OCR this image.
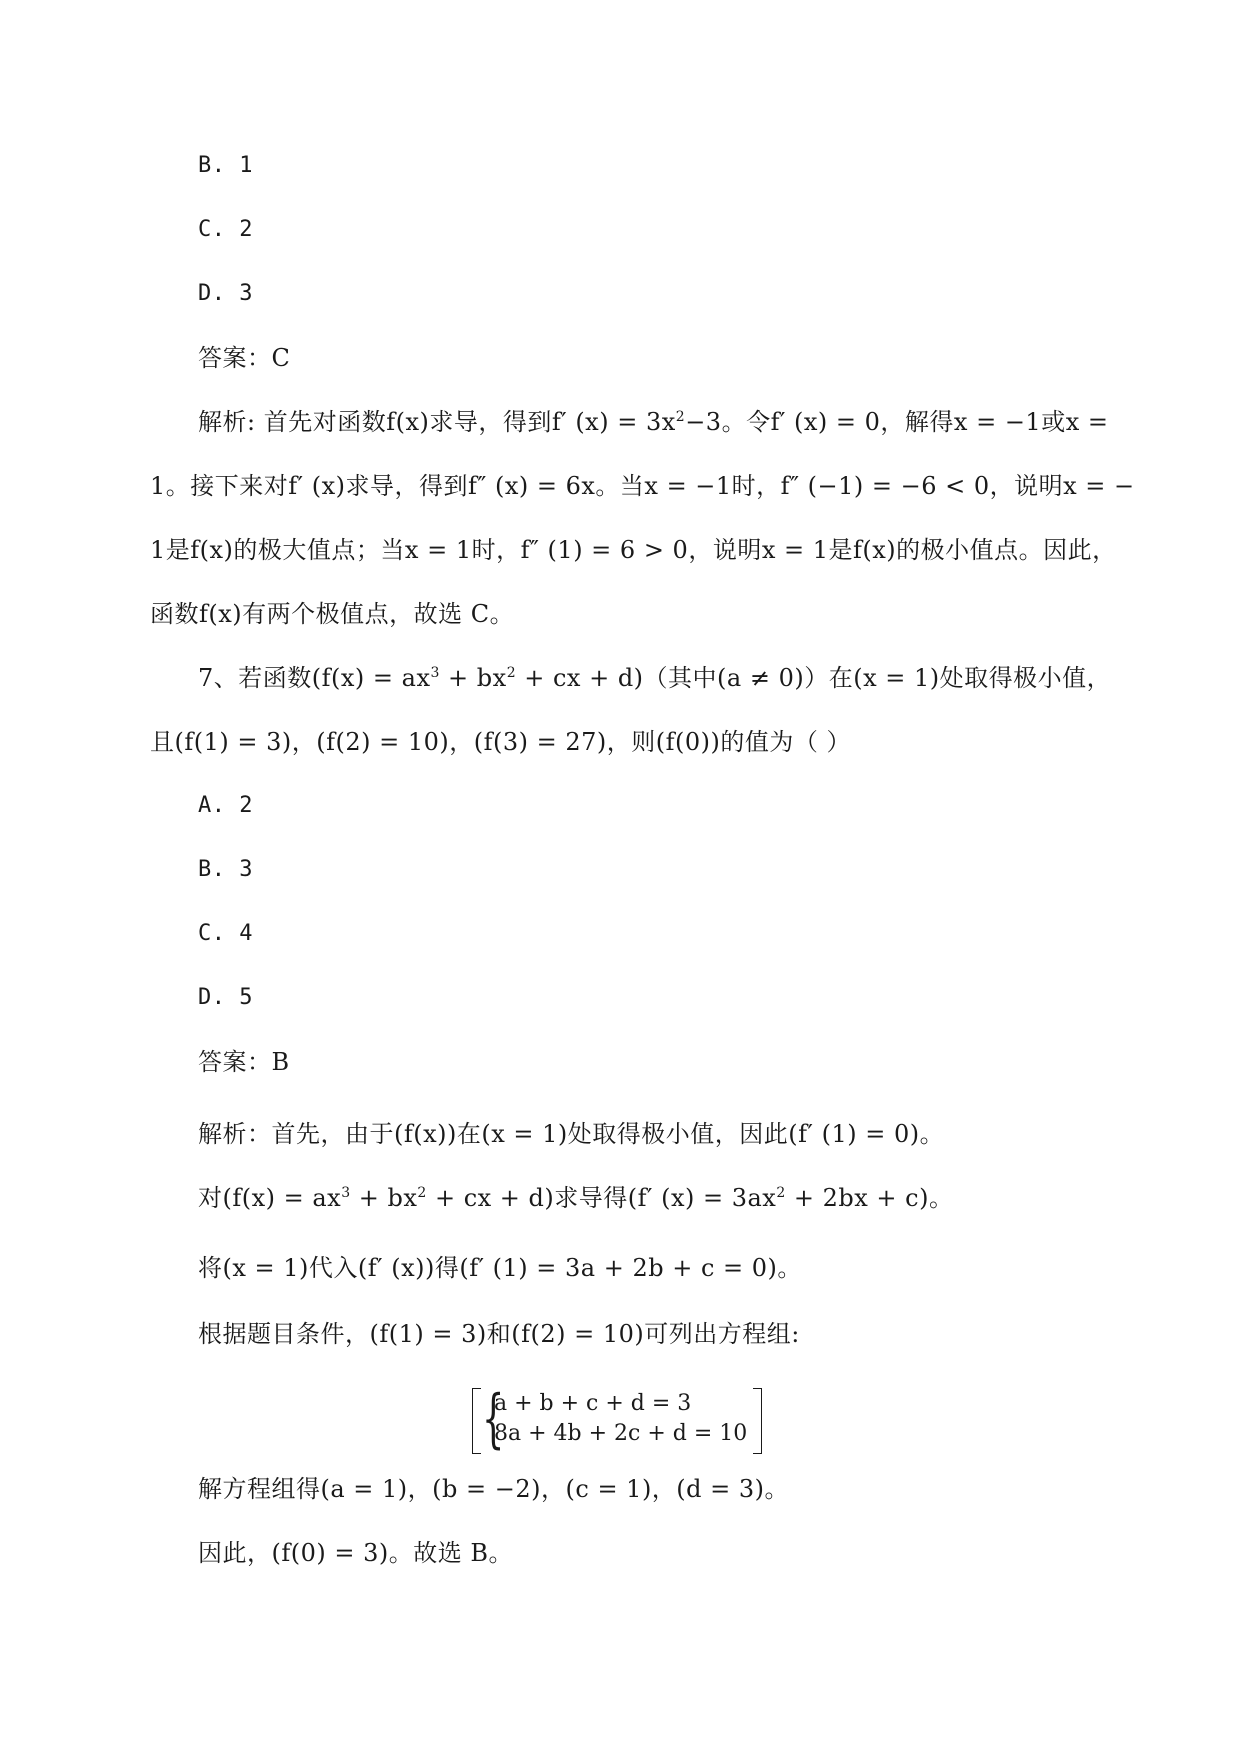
B. 1
C. 2
D. 3
答案：C
解析: 首先对函数f(x)求导，得到f′ $(x) = 3x^2-3$。令f′ (x) = 0，解得x = −1或x =
1。接下来对f′ (x)求导，得到f″ (x) = 6x。当x = −1时，f″ (−1) = −6 < 0，说明x = −
1是f(x)的极大值点；当x = 1时，f″ (1) = 6 > 0，说明x = 1是f(x)的极小值点。因此，
函数f(x)有两个极值点，故选 C。
7、若函数($f(x) = ax^3 + bx^2$ + cx + d)（其中(a ≠ 0)）在(x = 1)处取得极小值，
且(f(1) = 3)，(f(2) = 10)，(f(3) = 27)，则(f(0))的值为（ ）
A. 2
B. 3
C. 4
D. 5
答案：B
解析：首先，由于(f(x))在(x = 1)处取得极小值，因此(f′ (1) = 0)。
对($f(x) = ax^3 + bx^2$ + cx + d)求导得(f′ $(x) = 3ax^2 + 2bx + c$)。
将(x = 1)代入(f′ (x))得(f′ (1) = 3a + 2b + c = 0)。
根据题目条件，(f(1) = 3)和(f(2) = 10)可列出方程组:
{
a + b + c + d = 3
8a + 4b + 2c + d = 10
解方程组得(a = 1)，(b = −2)，(c = 1)，(d = 3)。
因此，(f(0) = 3)。故选 B。
